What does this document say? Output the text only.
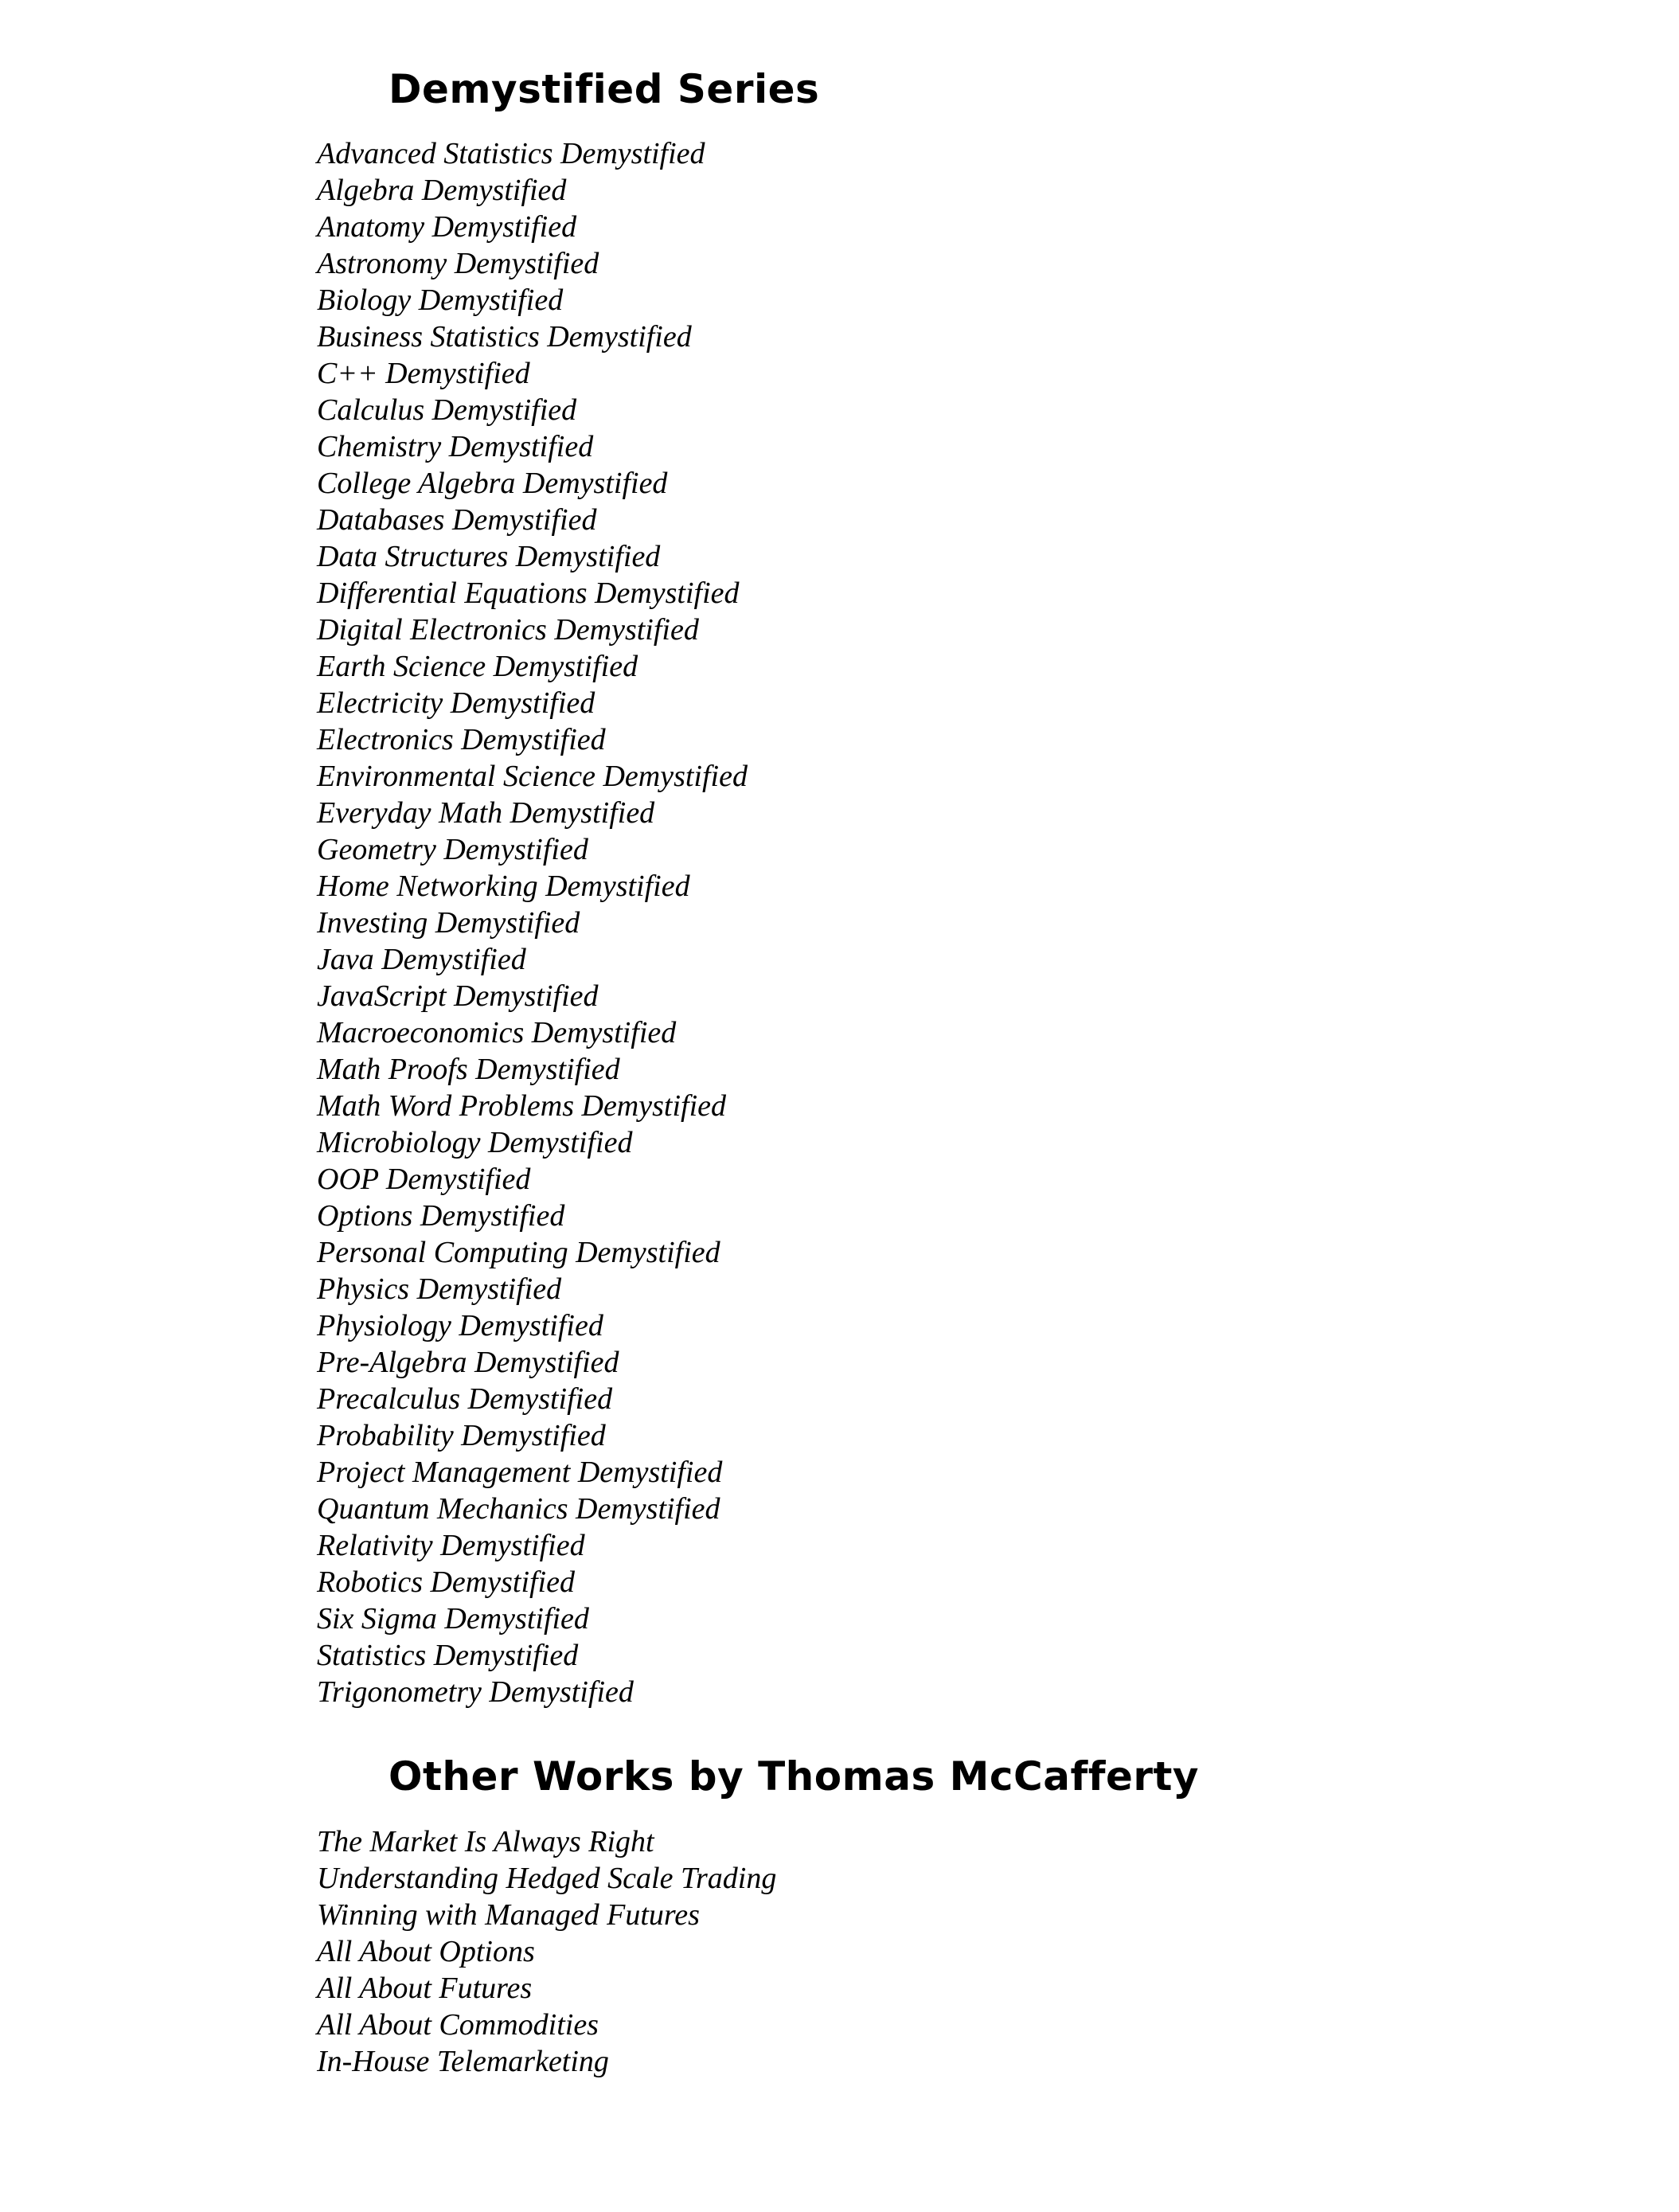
Demystified Series
Advanced Statistics Demystified
Algebra Demystified
Anatomy Demystified
Astronomy Demystified
Biology Demystified
Business Statistics Demystified
C++ Demystified
Calculus Demystified
Chemistry Demystified
College Algebra Demystified
Databases Demystified
Data Structures Demystified
Differential Equations Demystified
Digital Electronics Demystified
Earth Science Demystified
Electricity Demystified
Electronics Demystified
Environmental Science Demystified
Everyday Math Demystified
Geometry Demystified
Home Networking Demystified
Investing Demystified
Java Demystified
JavaScript Demystified
Macroeconomics Demystified
Math Proofs Demystified
Math Word Problems Demystified
Microbiology Demystified
OOP Demystified
Options Demystified
Personal Computing Demystified
Physics Demystified
Physiology Demystified
Pre-Algebra Demystified
Precalculus Demystified
Probability Demystified
Project Management Demystified
Quantum Mechanics Demystified
Relativity Demystified
Robotics Demystified
Six Sigma Demystified
Statistics Demystified
Trigonometry Demystified
Other Works by Thomas McCafferty
The Market Is Always Right
Understanding Hedged Scale Trading
Winning with Managed Futures
All About Options
All About Futures
All About Commodities
In-House Telemarketing
